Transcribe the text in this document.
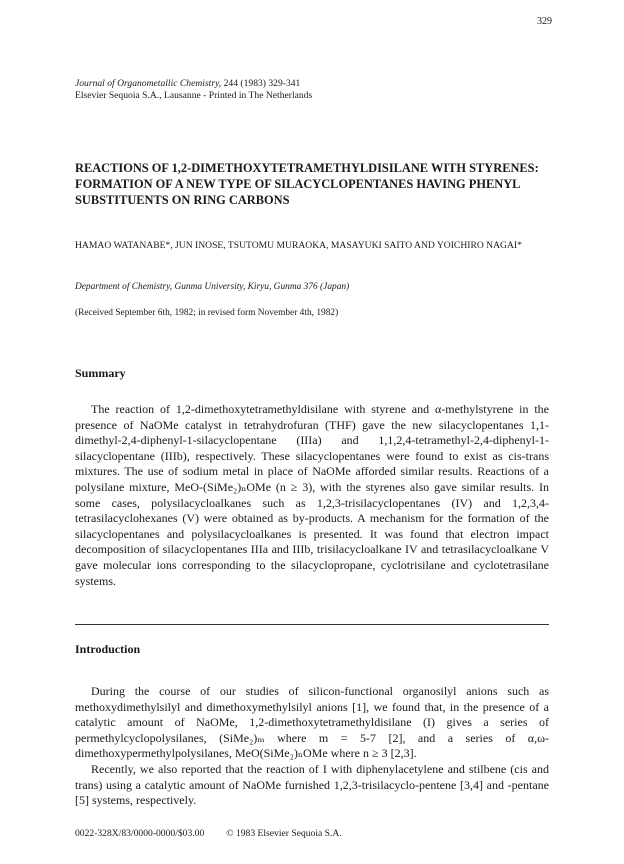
329
Journal of Organometallic Chemistry, 244 (1983) 329-341
Elsevier Sequoia S.A., Lausanne - Printed in The Netherlands
REACTIONS OF 1,2-DIMETHOXYTETRAMETHYLDISILANE WITH STYRENES: FORMATION OF A NEW TYPE OF SILACYCLOPENTANES HAVING PHENYL SUBSTITUENTS ON RING CARBONS
HAMAO WATANABE*, JUN INOSE, TSUTOMU MURAOKA, MASAYUKI SAITO AND YOICHIRO NAGAI*
Department of Chemistry, Gunma University, Kiryu, Gunma 376 (Japan)
(Received September 6th, 1982; in revised form November 4th, 1982)
Summary

The reaction of 1,2-dimethoxytetramethyldisilane with styrene and α-methylstyrene in the presence of NaOMe catalyst in tetrahydrofuran (THF) gave the new silacyclopentanes 1,1-dimethyl-2,4-diphenyl-1-silacyclopentane (IIIa) and 1,1,2,4-tetramethyl-2,4-diphenyl-1-silacyclopentane (IIIb), respectively. These silacyclopentanes were found to exist as cis-trans mixtures. The use of sodium metal in place of NaOMe afforded similar results. Reactions of a polysilane mixture, MeO-(SiMe₂)ₙOMe (n ≥ 3), with the styrenes also gave similar results. In some cases, polysilacycloalkanes such as 1,2,3-trisilacyclopentanes (IV) and 1,2,3,4-tetrasilacyclohexanes (V) were obtained as by-products. A mechanism for the formation of the silacyclopentanes and polysilacycloalkanes is presented. It was found that electron impact decomposition of silacyclopentanes IIIa and IIIb, trisilacycloalkane IV and tetrasilacycloalkane V gave molecular ions corresponding to the silacyclopropane, cyclotrisilane and cyclotetrasilane systems.

Introduction

During the course of our studies of silicon-functional organosilyl anions such as methoxydimethylsilyl and dimethoxymethylsilyl anions [1], we found that, in the presence of a catalytic amount of NaOMe, 1,2-dimethoxytetramethyldisilane (I) gives a series of permethylcyclopolysilanes, (SiMe₂)ₘ where m = 5-7 [2], and a series of α,ω-dimethoxypermethylpolysilanes, MeO(SiMe₂)ₙOMe where n ≥ 3 [2,3].

Recently, we also reported that the reaction of I with diphenylacetylene and stilbene (cis and trans) using a catalytic amount of NaOMe furnished 1,2,3-trisilacyclo-pentene [3,4] and -pentane [5] systems, respectively.

0022-328X/83/0000-0000/$03.00 © 1983 Elsevier Sequoia S.A.
